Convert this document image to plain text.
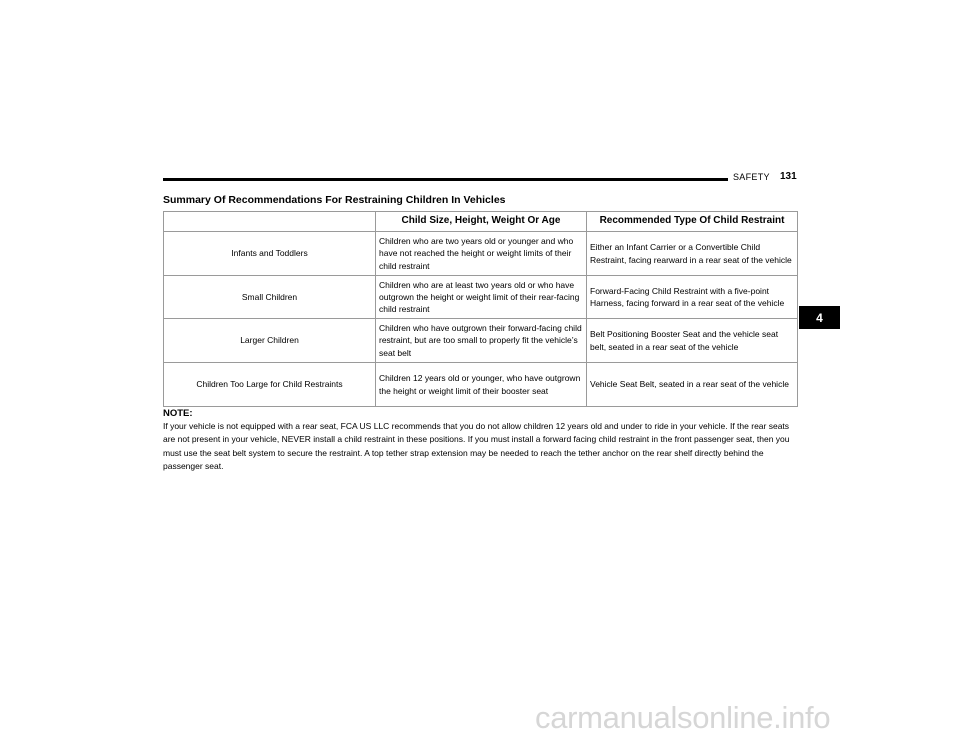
SAFETY 131
Summary Of Recommendations For Restraining Children In Vehicles
	Child Size, Height, Weight Or Age	Recommended Type Of Child Restraint
Infants and Toddlers	Children who are two years old or younger and who have not reached the height or weight limits of their child restraint	Either an Infant Carrier or a Convertible Child Restraint, facing rearward in a rear seat of the vehicle
Small Children	Children who are at least two years old or who have outgrown the height or weight limit of their rear-facing child restraint	Forward-Facing Child Restraint with a five-point Harness, facing forward in a rear seat of the vehicle
Larger Children	Children who have outgrown their forward-facing child restraint, but are too small to properly fit the vehicle’s seat belt	Belt Positioning Booster Seat and the vehicle seat belt, seated in a rear seat of the vehicle
Children Too Large for Child Restraints	Children 12 years old or younger, who have outgrown the height or weight limit of their booster seat	Vehicle Seat Belt, seated in a rear seat of the vehicle
NOTE:

If your vehicle is not equipped with a rear seat, FCA US LLC recommends that you do not allow children 12 years old and under to ride in your vehicle. If the rear seats are not present in your vehicle, NEVER install a child restraint in these positions. If you must install a forward facing child restraint in the front passenger seat, then you must use the seat belt system to secure the restraint. A top tether strap extension may be needed to reach the tether anchor on the rear shelf directly behind the passenger seat.

4
carmanualsonline.info
